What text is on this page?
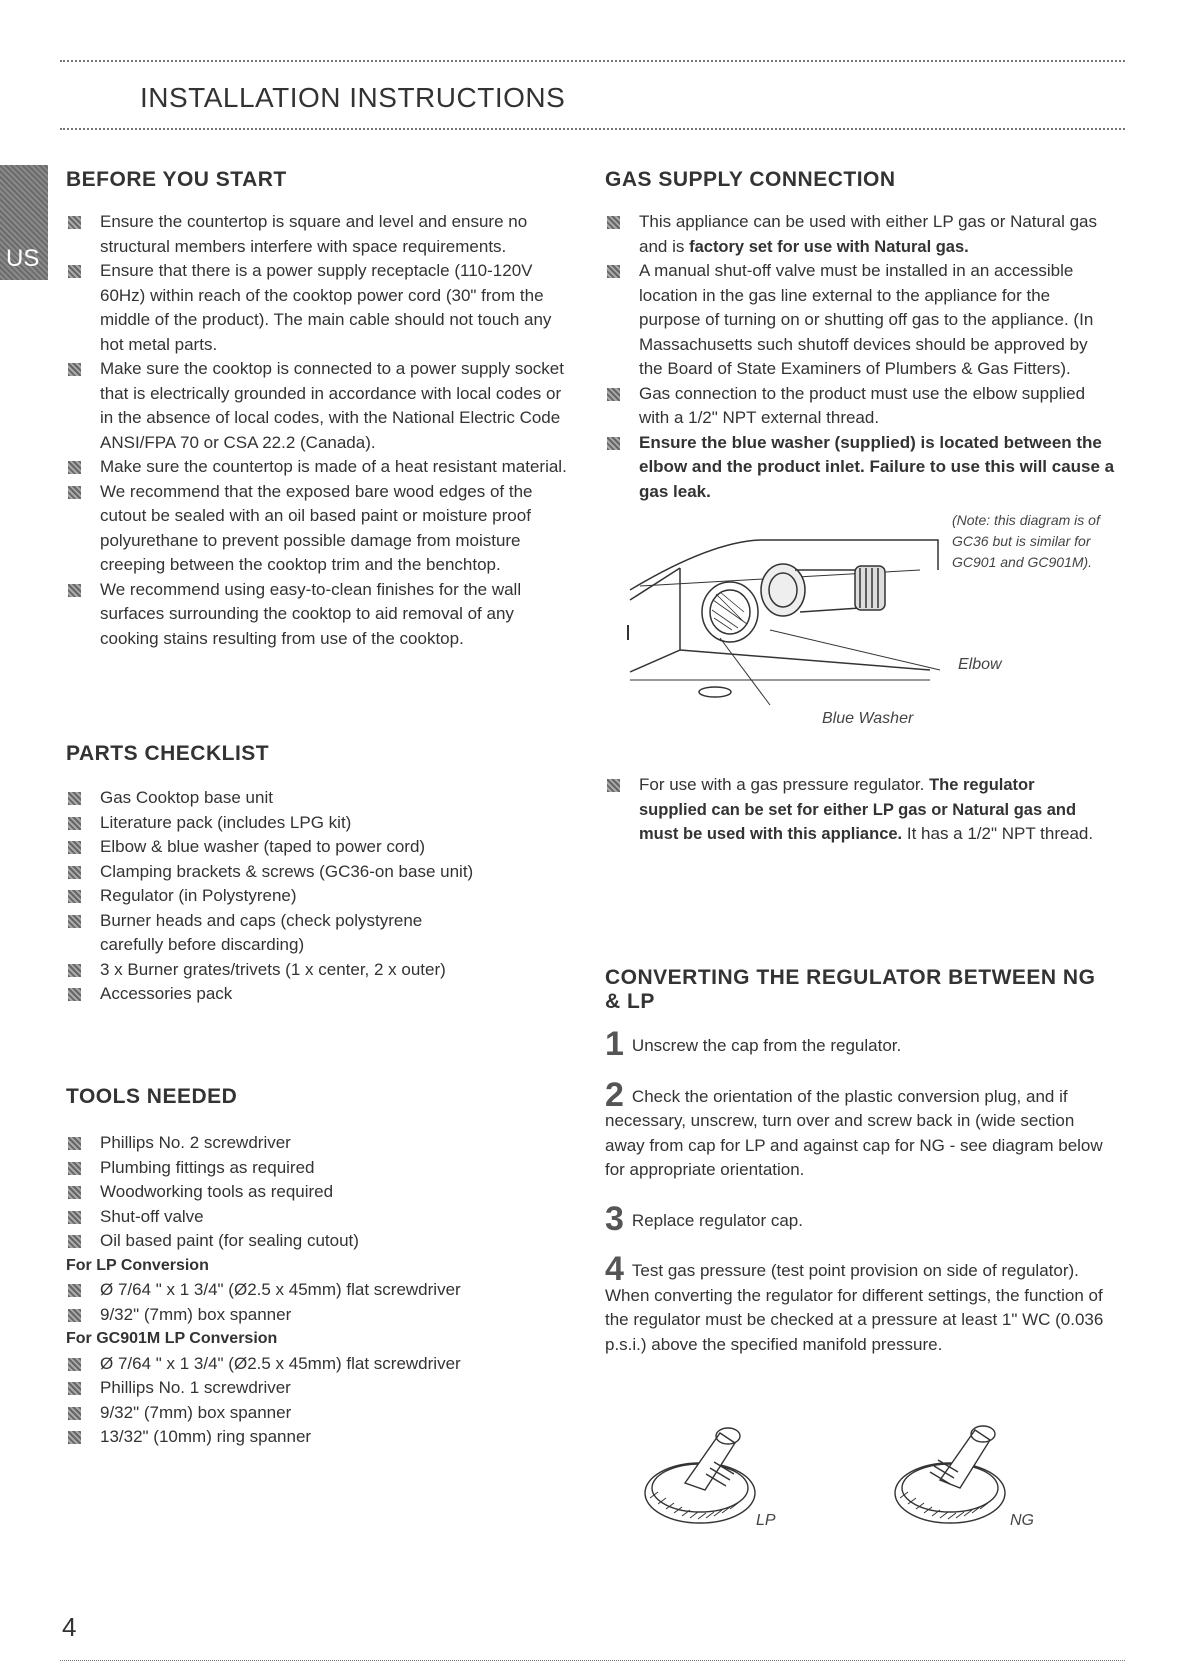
INSTALLATION INSTRUCTIONS
US
BEFORE YOU START
Ensure the countertop is square and level and ensure no structural members interfere with space requirements.
Ensure that there is a power supply receptacle (110-120V 60Hz) within reach of the cooktop power cord (30" from the middle of the product). The main cable should not touch any hot metal parts.
Make sure the cooktop is connected to a power supply socket that is electrically grounded in accordance with local codes or in the absence of local codes, with the National Electric Code ANSI/FPA 70 or CSA 22.2 (Canada).
Make sure the countertop is made of a heat resistant material.
We recommend that the exposed bare wood edges of the cutout be sealed with an oil based paint or moisture proof polyurethane to prevent possible damage from moisture creeping between the cooktop trim and the benchtop.
We recommend using easy-to-clean finishes for the wall surfaces surrounding the cooktop to aid removal of any cooking stains resulting from use of the cooktop.
PARTS CHECKLIST
Gas Cooktop base unit
Literature pack (includes LPG kit)
Elbow & blue washer (taped to power cord)
Clamping brackets & screws (GC36-on base unit)
Regulator (in Polystyrene)
Burner heads and caps (check polystyrene carefully before discarding)
3 x Burner grates/trivets (1 x center, 2 x outer)
Accessories pack
TOOLS NEEDED
Phillips No. 2 screwdriver
Plumbing fittings as required
Woodworking tools as required
Shut-off valve
Oil based paint (for sealing cutout)
For LP Conversion
Ø 7/64 " x 1 3/4" (Ø2.5 x 45mm) flat screwdriver
9/32" (7mm) box spanner
For GC901M LP Conversion
Ø 7/64 " x 1 3/4" (Ø2.5 x 45mm) flat screwdriver
Phillips No. 1 screwdriver
9/32" (7mm) box spanner
13/32" (10mm) ring spanner
GAS SUPPLY CONNECTION
This appliance can be used with either LP gas or Natural gas and is factory set for use with Natural gas.
A manual shut-off valve must be installed in an accessible location in the gas line external to the appliance for the purpose of turning on or shutting off gas to the appliance. (In Massachusetts such shutoff devices should be approved by the Board of State Examiners of Plumbers & Gas Fitters).
Gas connection to the product must use the elbow supplied with a 1/2" NPT external thread.
Ensure the blue washer (supplied) is located between the elbow and the product inlet. Failure to use this will cause a gas leak.
(Note: this diagram is of GC36 but is similar for GC901 and GC901M).
Elbow
Blue Washer
For use with a gas pressure regulator. The regulator supplied can be set for either LP gas or Natural gas and must be used with this appliance. It has a 1/2" NPT thread.
CONVERTING THE REGULATOR BETWEEN NG & LP

1 Unscrew the cap from the regulator.

2 Check the orientation of the plastic conversion plug, and if necessary, unscrew, turn over and screw back in (wide section away from cap for LP and against cap for NG - see diagram below for appropriate orientation.

3 Replace regulator cap.

4 Test gas pressure (test point provision on side of regulator). When converting the regulator for different settings, the function of the regulator must be checked at a pressure at least 1" WC (0.036 p.s.i.) above the specified manifold pressure.

LP	NG
4
